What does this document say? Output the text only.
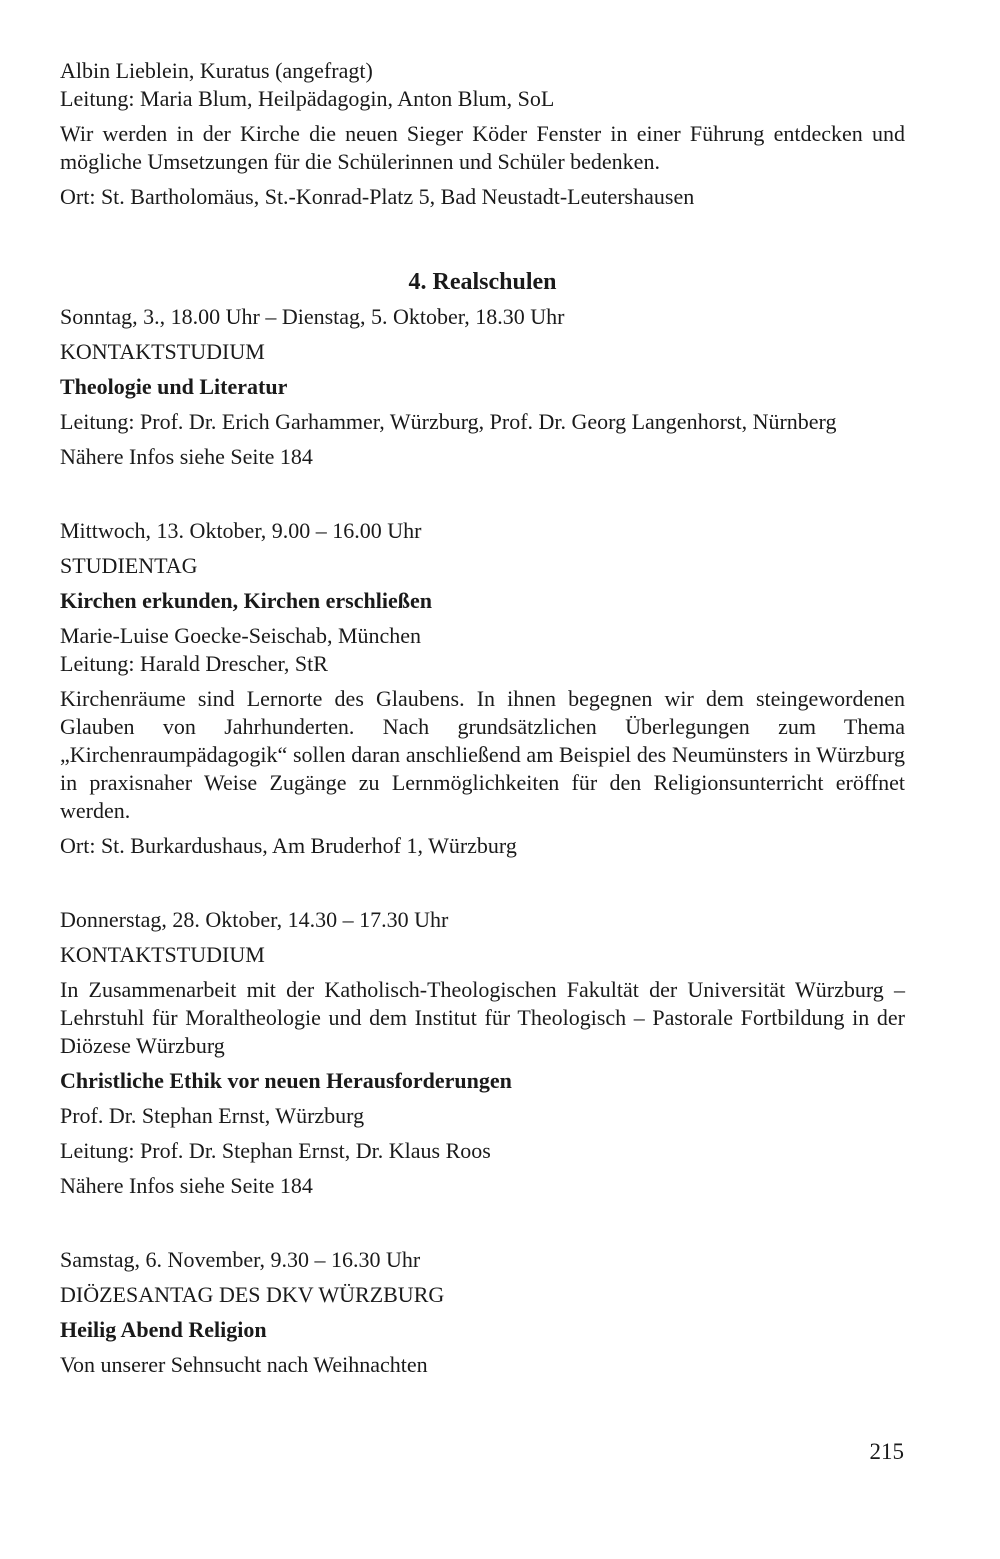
Albin Lieblein, Kuratus (angefragt)
Leitung: Maria Blum, Heilpädagogin, Anton Blum, SoL

Wir werden in der Kirche die neuen Sieger Köder Fenster in einer Führung entdecken und mögliche Umsetzungen für die Schülerinnen und Schüler bedenken.

Ort: St. Bartholomäus, St.-Konrad-Platz 5, Bad Neustadt-Leutershausen
4. Realschulen
Sonntag, 3., 18.00 Uhr – Dienstag, 5. Oktober, 18.30 Uhr
KONTAKTSTUDIUM
Theologie und Literatur

Leitung: Prof. Dr. Erich Garhammer, Würzburg, Prof. Dr. Georg Langenhorst, Nürnberg

Nähere Infos siehe Seite 184
Mittwoch, 13. Oktober, 9.00 – 16.00 Uhr
STUDIENTAG
Kirchen erkunden, Kirchen erschließen
Marie-Luise Goecke-Seischab, München
Leitung: Harald Drescher, StR

Kirchenräume sind Lernorte des Glaubens. In ihnen begegnen wir dem steingewordenen Glauben von Jahrhunderten. Nach grundsätzlichen Überlegungen zum Thema „Kirchenraumpädagogik“ sollen daran anschließend am Beispiel des Neumünsters in Würzburg in praxisnaher Weise Zugänge zu Lernmöglichkeiten für den Religionsunterricht eröffnet werden.

Ort: St. Burkardushaus, Am Bruderhof 1, Würzburg
Donnerstag, 28. Oktober, 14.30 – 17.30 Uhr
KONTAKTSTUDIUM

In Zusammenarbeit mit der Katholisch-Theologischen Fakultät der Universität Würzburg – Lehrstuhl für Moraltheologie und dem Institut für Theologisch – Pastorale Fortbildung in der Diözese Würzburg

Christliche Ethik vor neuen Herausforderungen
Prof. Dr. Stephan Ernst, Würzburg
Leitung: Prof. Dr. Stephan Ernst, Dr. Klaus Roos
Nähere Infos siehe Seite 184
Samstag, 6. November, 9.30 – 16.30 Uhr
DIÖZESANTAG DES DKV WÜRZBURG
Heilig Abend Religion
Von unserer Sehnsucht nach Weihnachten
215
